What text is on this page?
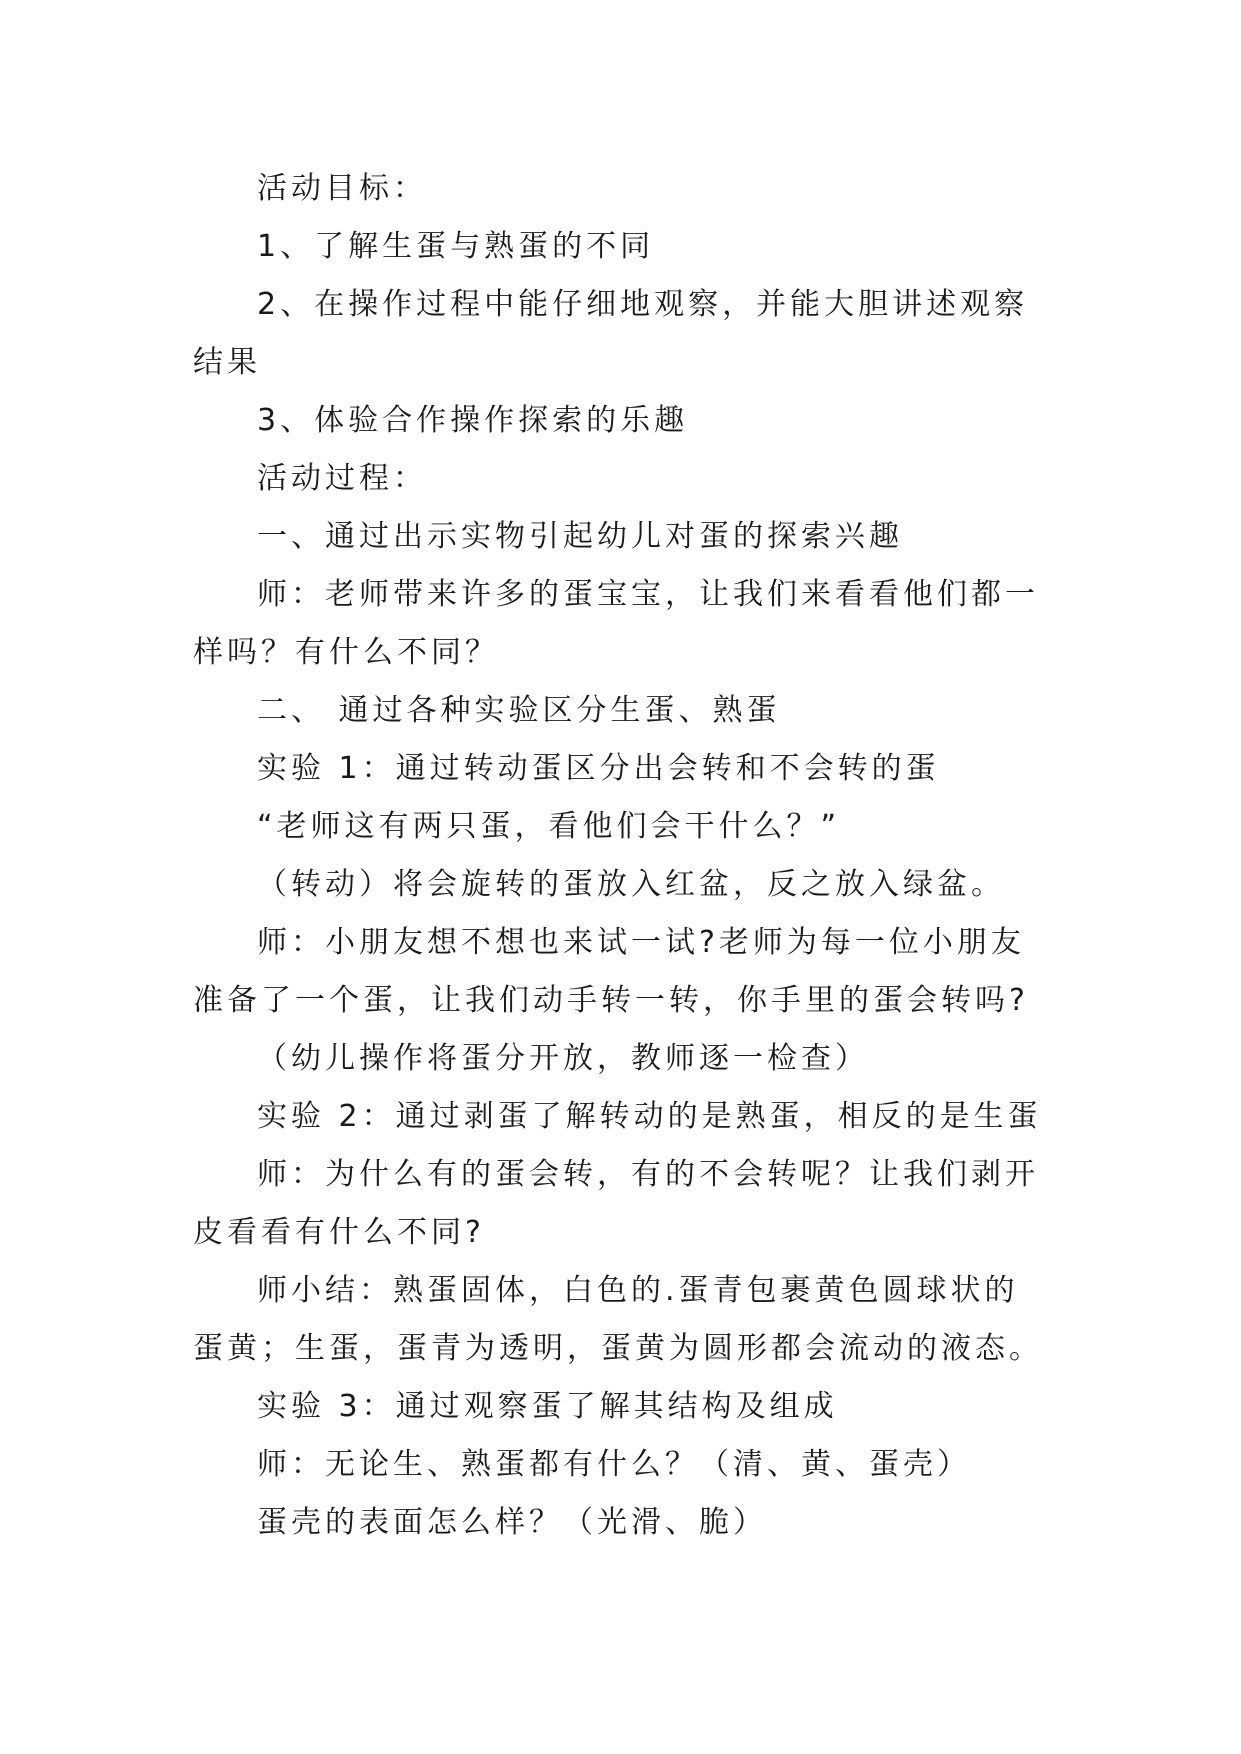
活动目标：

1、了解生蛋与熟蛋的不同

2、在操作过程中能仔细地观察，并能大胆讲述观察结果

3、体验合作操作探索的乐趣

活动过程：

一、通过出示实物引起幼儿对蛋的探索兴趣

师：老师带来许多的蛋宝宝，让我们来看看他们都一样吗？有什么不同？

二、 通过各种实验区分生蛋、熟蛋

实验 1：通过转动蛋区分出会转和不会转的蛋

“老师这有两只蛋，看他们会干什么？”

（转动）将会旋转的蛋放入红盆，反之放入绿盆。

师：小朋友想不想也来试一试?老师为每一位小朋友准备了一个蛋，让我们动手转一转，你手里的蛋会转吗?

（幼儿操作将蛋分开放，教师逐一检查）

实验 2：通过剥蛋了解转动的是熟蛋，相反的是生蛋

师：为什么有的蛋会转，有的不会转呢？让我们剥开皮看看有什么不同?

师小结：熟蛋固体，白色的.蛋青包裹黄色圆球状的蛋黄；生蛋，蛋青为透明，蛋黄为圆形都会流动的液态。

实验 3：通过观察蛋了解其结构及组成

师：无论生、熟蛋都有什么？（清、黄、蛋壳）

蛋壳的表面怎么样？（光滑、脆）
